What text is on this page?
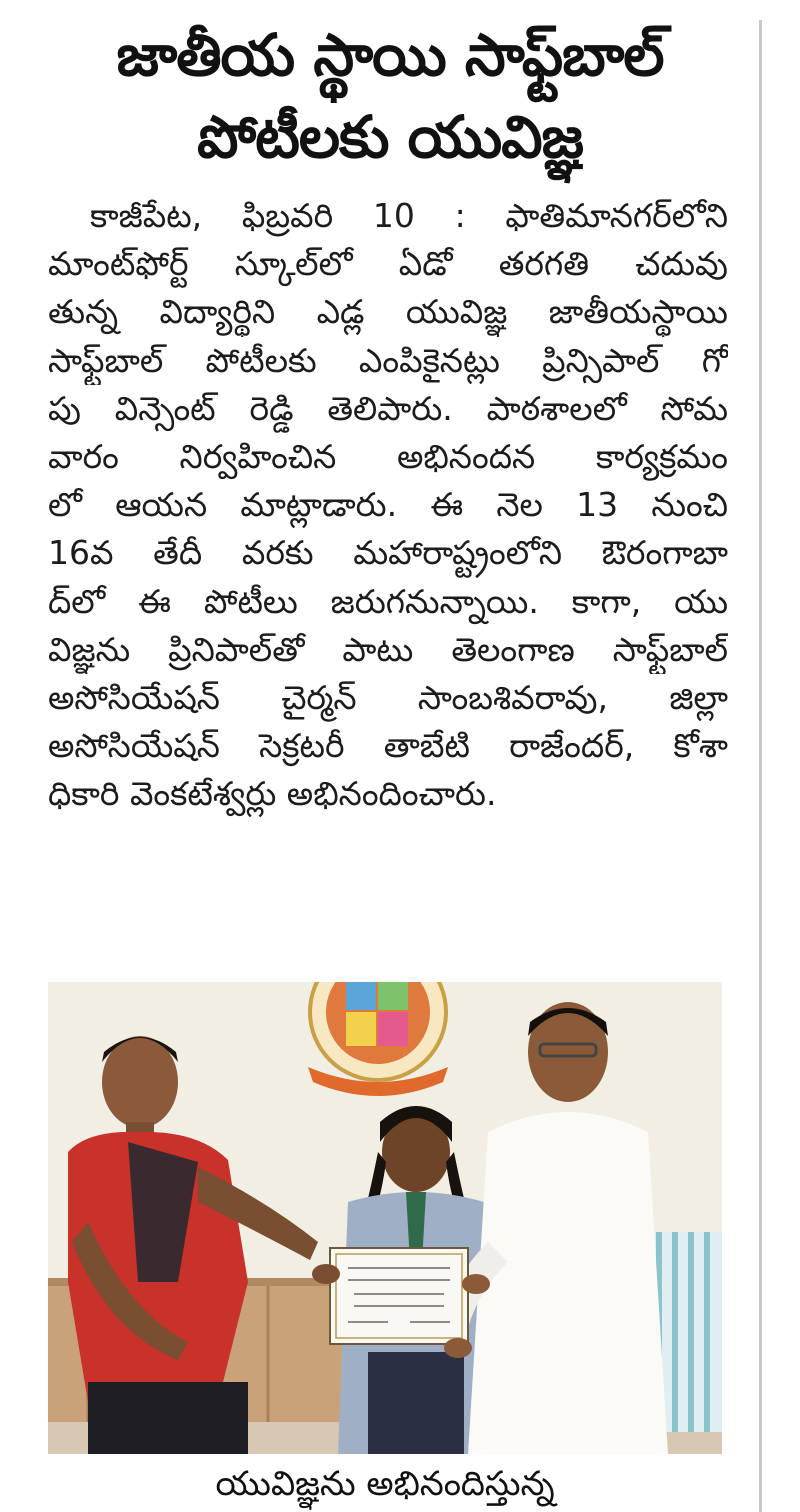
జాతీయ స్థాయి సాఫ్ట్‌బాల్
పోటీలకు యువిజ్ఞ
కాజీపేట, ఫిబ్రవరి 10 : ఫాతిమానగర్‌లోని
మాంట్‌ఫోర్ట్ స్కూల్‌లో ఏడో తరగతి చదువు
తున్న విద్యార్థిని ఎడ్ల యువిజ్ఞ జాతీయస్థాయి
సాఫ్ట్‌బాల్ పోటీలకు ఎంపికైనట్లు ప్రిన్సిపాల్ గో
పు విన్సెంట్ రెడ్డి తెలిపారు. పాఠశాలలో సోమ
వారం నిర్వహించిన అభినందన కార్యక్రమం
లో ఆయన మాట్లాడారు. ఈ నెల 13 నుంచి
16వ తేదీ వరకు మహారాష్ట్రంలోని ఔరంగాబా
ద్‌లో ఈ పోటీలు జరుగనున్నాయి. కాగా, యు
విజ్ఞను ప్రినిపాల్‌తో పాటు తెలంగాణ సాఫ్ట్‌బాల్
అసోసియేషన్ చైర్మన్ సాంబశివరావు, జిల్లా
అసోసియేషన్ సెక్రటరీ తాబేటి రాజేందర్, కోశా
ధికారి వెంకటేశ్వర్లు అభినందించారు.
యువిజ్ఞను అభినందిస్తున్న
